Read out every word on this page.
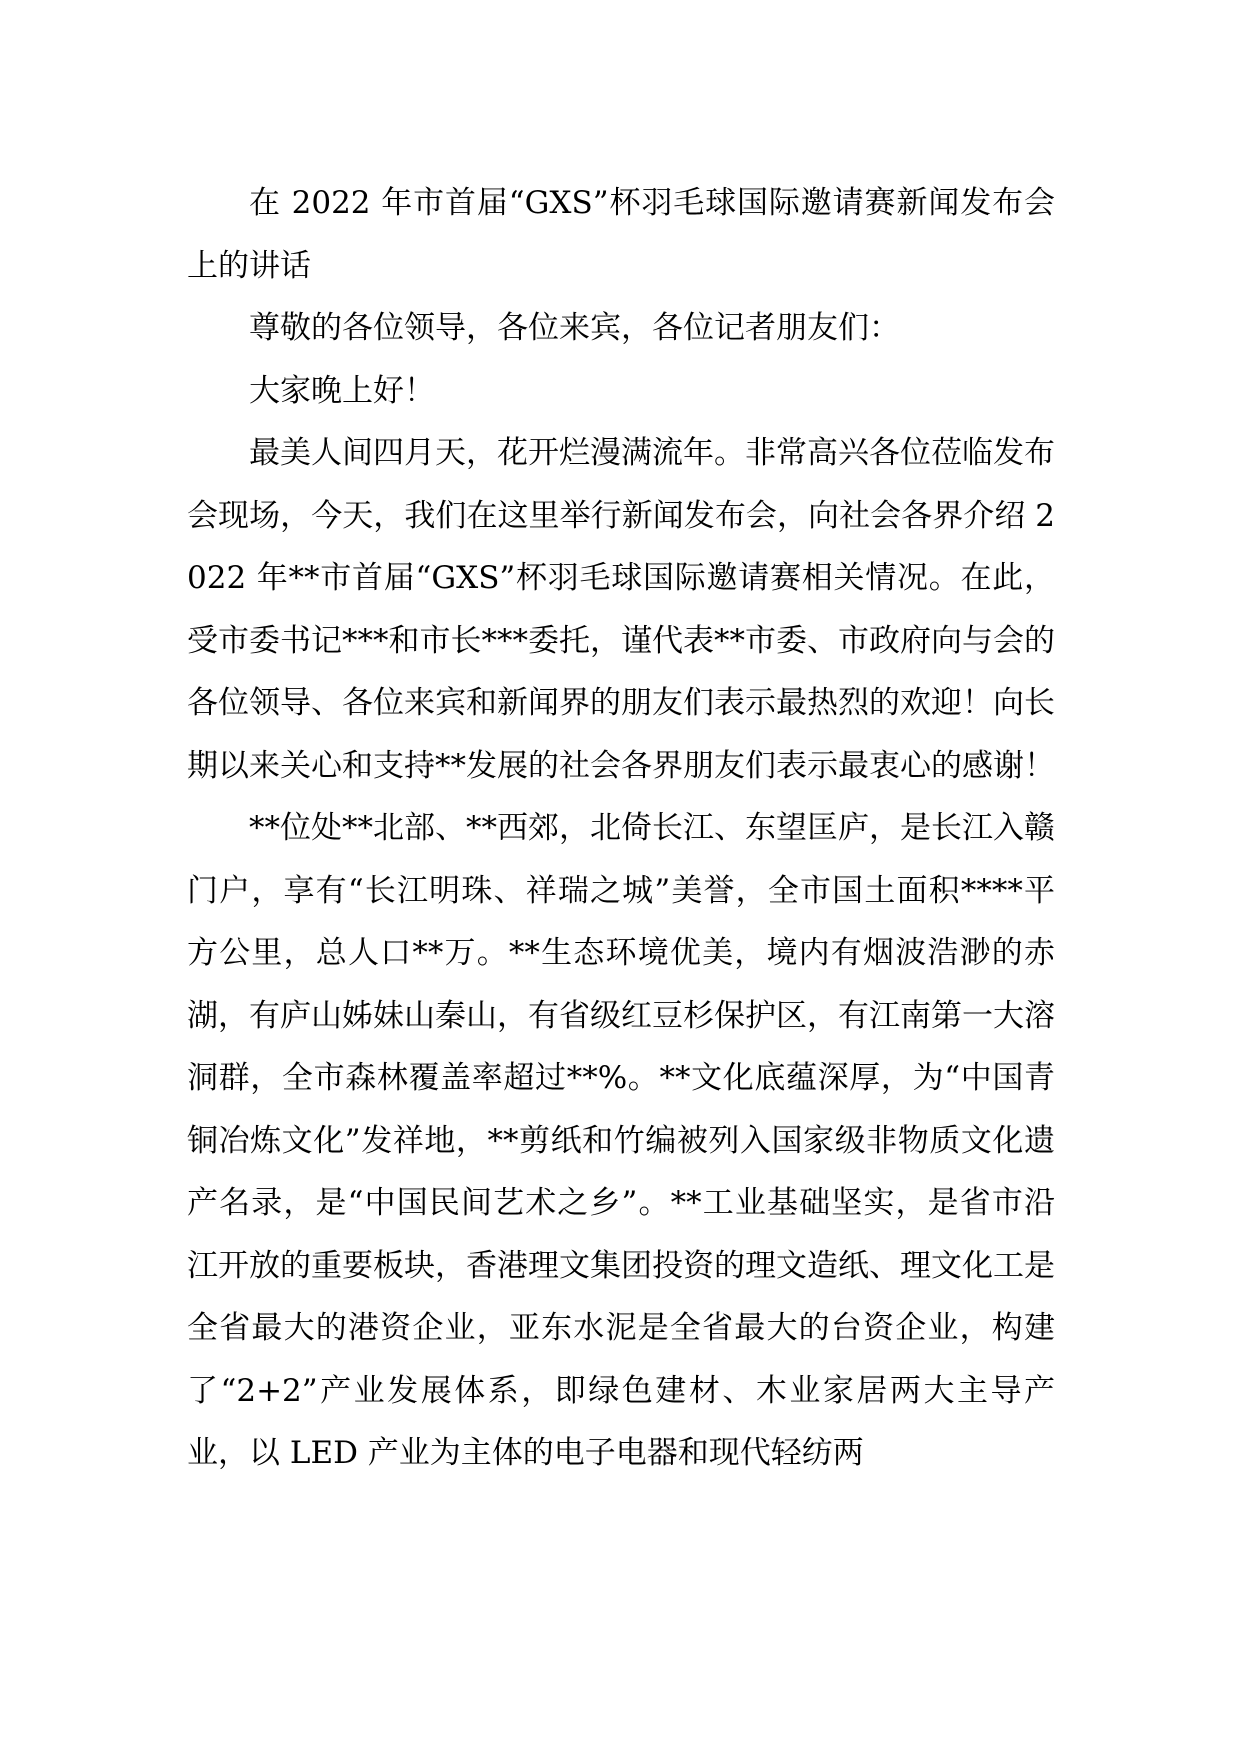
在 2022 年市首届“GXS”杯羽毛球国际邀请赛新闻发布会上的讲话

尊敬的各位领导，各位来宾，各位记者朋友们：

大家晚上好！

最美人间四月天，花开烂漫满流年。非常高兴各位莅临发布会现场，今天，我们在这里举行新闻发布会，向社会各界介绍 2022 年**市首届“GXS”杯羽毛球国际邀请赛相关情况。在此，受市委书记***和市长***委托，谨代表**市委、市政府向与会的各位领导、各位来宾和新闻界的朋友们表示最热烈的欢迎！向长期以来关心和支持**发展的社会各界朋友们表示最衷心的感谢！

**位处**北部、**西郊，北倚长江、东望匡庐，是长江入赣门户，享有“长江明珠、祥瑞之城”美誉，全市国土面积****平方公里，总人口**万。**生态环境优美，境内有烟波浩渺的赤湖，有庐山姊妹山秦山，有省级红豆杉保护区，有江南第一大溶洞群，全市森林覆盖率超过**%。**文化底蕴深厚，为“中国青铜冶炼文化”发祥地，**剪纸和竹编被列入国家级非物质文化遗产名录，是“中国民间艺术之乡”。**工业基础坚实，是省市沿江开放的重要板块，香港理文集团投资的理文造纸、理文化工是全省最大的港资企业，亚东水泥是全省最大的台资企业，构建了“2+2”产业发展体系，即绿色建材、木业家居两大主导产业，以 LED 产业为主体的电子电器和现代轻纺两
